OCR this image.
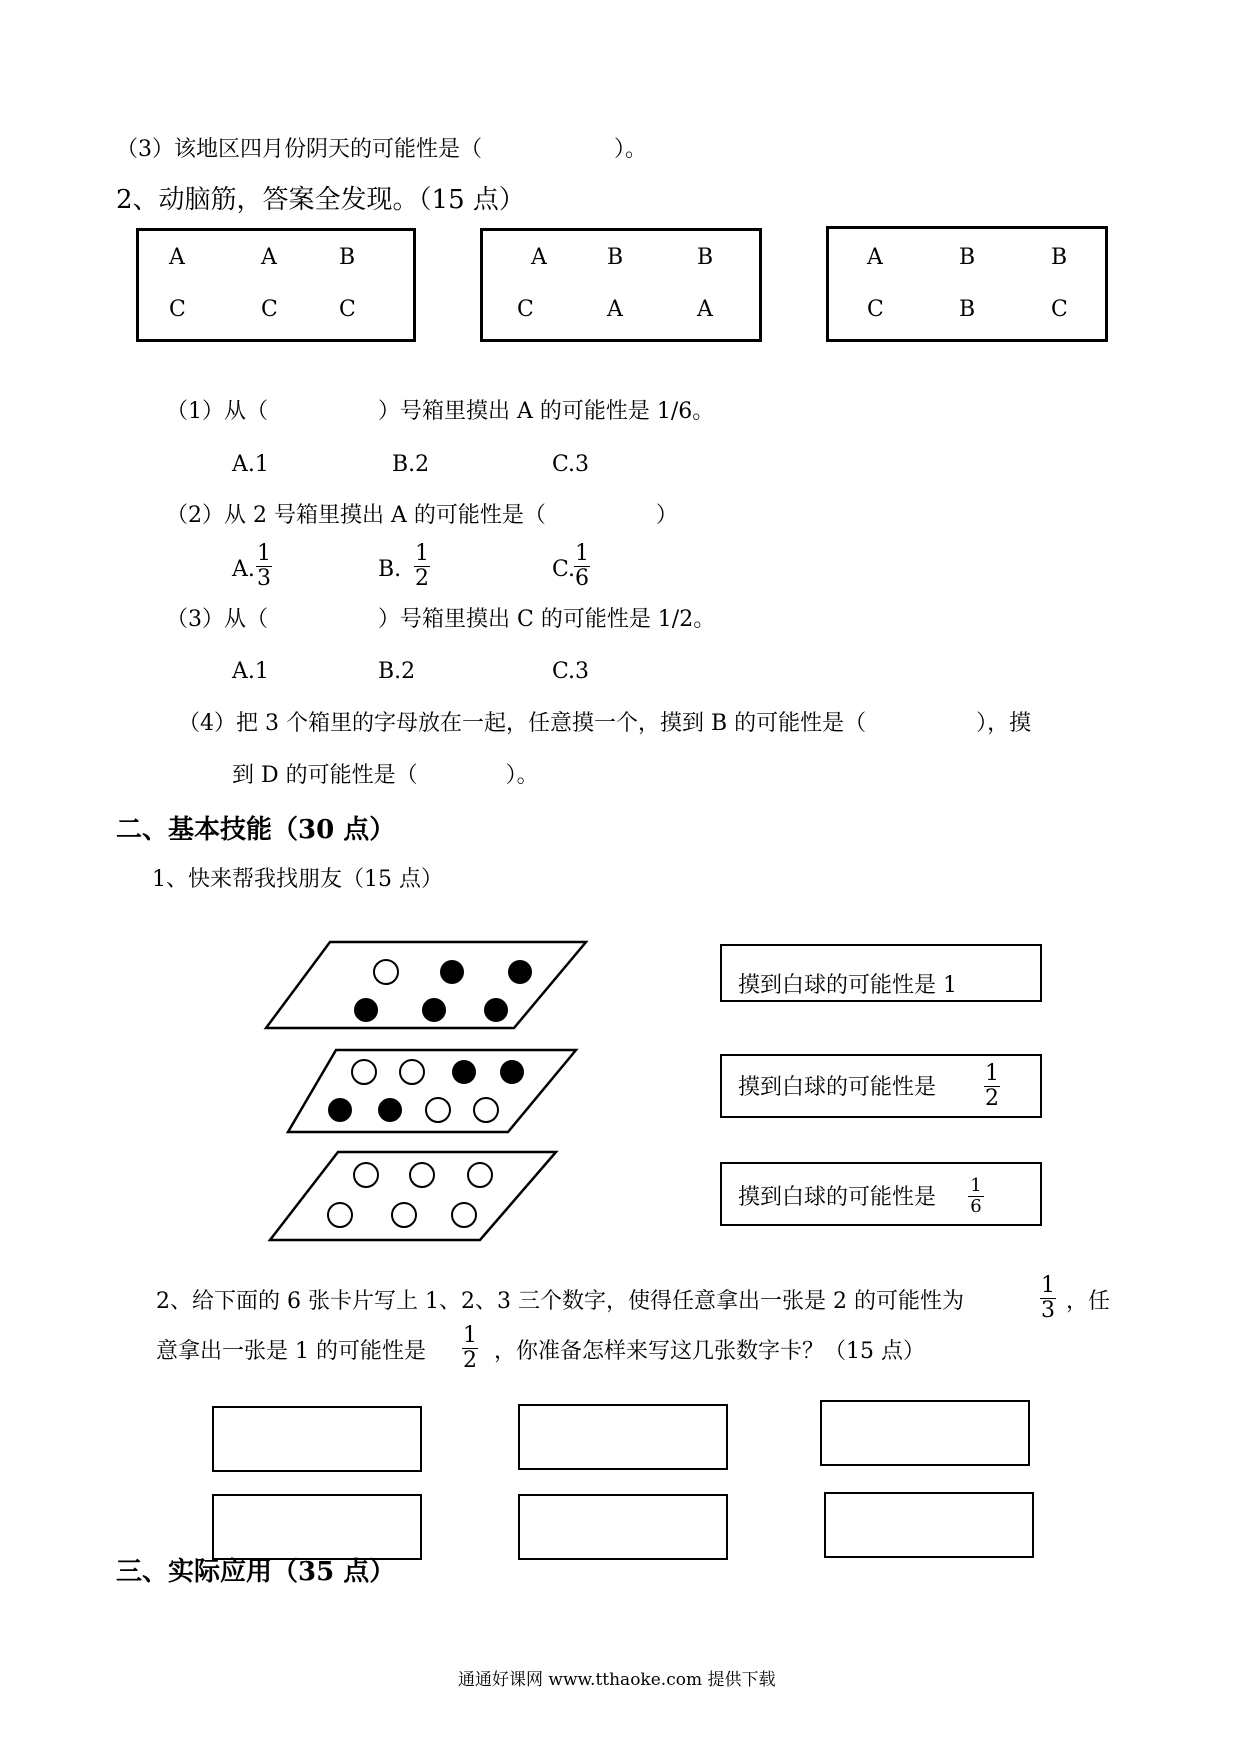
（3）该地区四月份阴天的可能性是（　　　　　　）。
2、动脑筋，答案全发现。（15 点）
A	A	B
C	C	C
A	B	B
C	A	A
A	B	B
C	B	C
（1）从（　　　　　）号箱里摸出 A 的可能性是 1/6。
A.1	B.2	C.3
（2）从 2 号箱里摸出 A 的可能性是（　　　　　）
A.
1
3	B.
1
2	C.
1
6
（3）从（　　　　　）号箱里摸出 C 的可能性是 1/2。
A.1	B.2	C.3
（4）把 3 个箱里的字母放在一起，任意摸一个，摸到 B 的可能性是（　　　　　），摸
到 D 的可能性是（　　　　）。
二、基本技能（30 点）
1、快来帮我找朋友（15 点）
摸到白球的可能性是 1
摸到白球的可能性是
1
2
摸到白球的可能性是 1
6
2、给下面的 6 张卡片写上 1、2、3 三个数字，使得任意拿出一张是 2 的可能性为
1
3 ，任
意拿出一张是 1 的可能性是
1
2 ，你准备怎样来写这几张数字卡？（15 点）
三、实际应用（35 点）
通通好课网 www.tthaoke.com 提供下载
